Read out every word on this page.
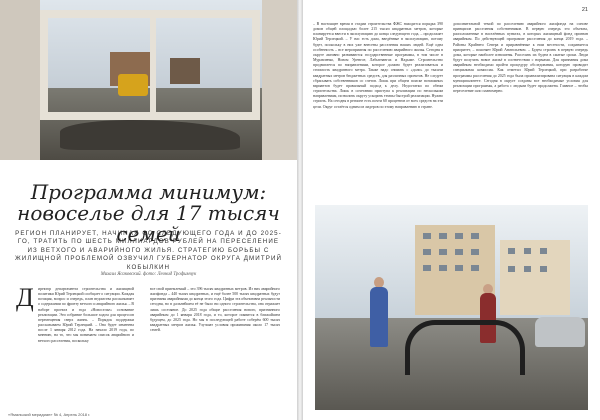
Программа минимум: новоселье для 17 тысяч семей
РЕГИОН ПЛАНИРУЕТ, НАЧИНАЯ СО СЛЕДУЮЩЕГО ГОДА И ДО 2025-ГО, ТРАТИТЬ ПО ШЕСТЬ МИЛЛИАРДОВ РУБЛЕЙ НА ПЕРЕСЕЛЕНИЕ ИЗ ВЕТХОГО И АВАРИЙНОГО ЖИЛЬЯ. СТРАТЕГИЮ БОРЬБЫ С ЖИЛИЩНОЙ ПРОБЛЕМОЙ ОЗВУЧИЛ ГУБЕРНАТОР ОКРУГА ДМИТРИЙ КОБЫЛКИН
Михаил Ясаковский. фото: Леонид Трофимчук
Д иректор департамента строительства и жилищной политики Юрий Терлецкий сообщает о ситуации. Каждая позиция, вопрос и очередь, план ведомства рассказывает о содержании по фронту ветхого и аварийного жилья. – В наборе проекта и года «Новоселье» основание реализации. Эти собрание большое ходом для процессов перемещения сверх жизнь. – Порядок поддержки рассказываем Юрий Терлецкий. – Она будет изменена после 1 января 2012 года. На начало 2019 года, по мнению, на то, что мы понимаем список аварийного и ветхого расселения, поскольку

все свой приемлемый – это 396 тысяч квадратных метров. Из них аварийного жилфонда – 440 тысяч квадратных, и ещё более 500 тысяч квадратных будут признаны аварийными до конца этого года. Цифра эта объективна реальности сегодня, но в дальнейшем её не было ни одного строительства, она отражает лишь состояние. До 2025 года общие расселения нового, признанного аварийным до 1 января 2018 года, и то, которое появится в ближайшем будущем, до 2025 года. Но мы в последующей работе соберём 600 тысяч квадратных метров жилья. Улучшат условия проживания около 17 тысяч семей.

«Ямальский меридиан» № 4, Апрель 2018 г.
21

– В настоящее время в стадии строительства ФЖС находится порядка 390 домов общей площадью более 215 тысяч квадратных метров, которые планируется ввести в эксплуатацию до конца следующего года, – продолжает Юрий Терлецкий. – У нас есть дома, введённые в эксплуатацию, потому будет, поскольку в них уже внесены расселения наших людей. Ещё одна особенность – все мероприятия по расселению аварийного жилья. Сегодня в округе активно развиваются государственные программы, в том числе в Муравленко, Новом Уренгое, Лабытнангах и Надыме. Строительство продвигается по направлениям, которое должно будет реализоваться и стоимость квадратного метра. Также надо снимать с «доли» до тысячи квадратных метров бюджетных средств, для различных проектов. Не следует сбрасывать собственников со счетов. Лишь при общем поиске возможных вариантов будет правильный подход к делу. Недостатки по обеим строительства. Лишь в сочетании приступа к реализации по нескольким направлениям, позволить округу ускорить темпы быстрой реализации. Нужно строить. На сегодня в регионе есть почти 60 процентов от всех средств на эти цели. Округ остаётся одним из лидеров по этому направлению в стране.

дополнительной темой по расселению аварийного жилфонда на основе принципов расселения собственников. В первую очередь это объекты, расположенные в населённых пунктах, в которых жилищный фонд признан аварийным. По действующей программе расселения до конца 2019 года. – Районы Крайнего Севера и приравнённые к ним местности, сохраняется приоритет, – поясняет Юрий Анатольевич. – Будем строить в первую очередь дома, которые наиболее изношены. Расселять их будем в сжатые сроки. Люди будут получать новое жильё в соответствии с нормами. Для признания дома аварийным необходимо пройти процедуру обследования, которую проводит специальная комиссия. Как отметил Юрий Терлецкий, при разработке программы расселения до 2025 года была проанализирована ситуация в каждом муниципалитете. Сегодня в округе созданы все необходимые условия для реализации программы, а работа с людьми будет продолжена. Главное – чтобы переселение шло планомерно.
